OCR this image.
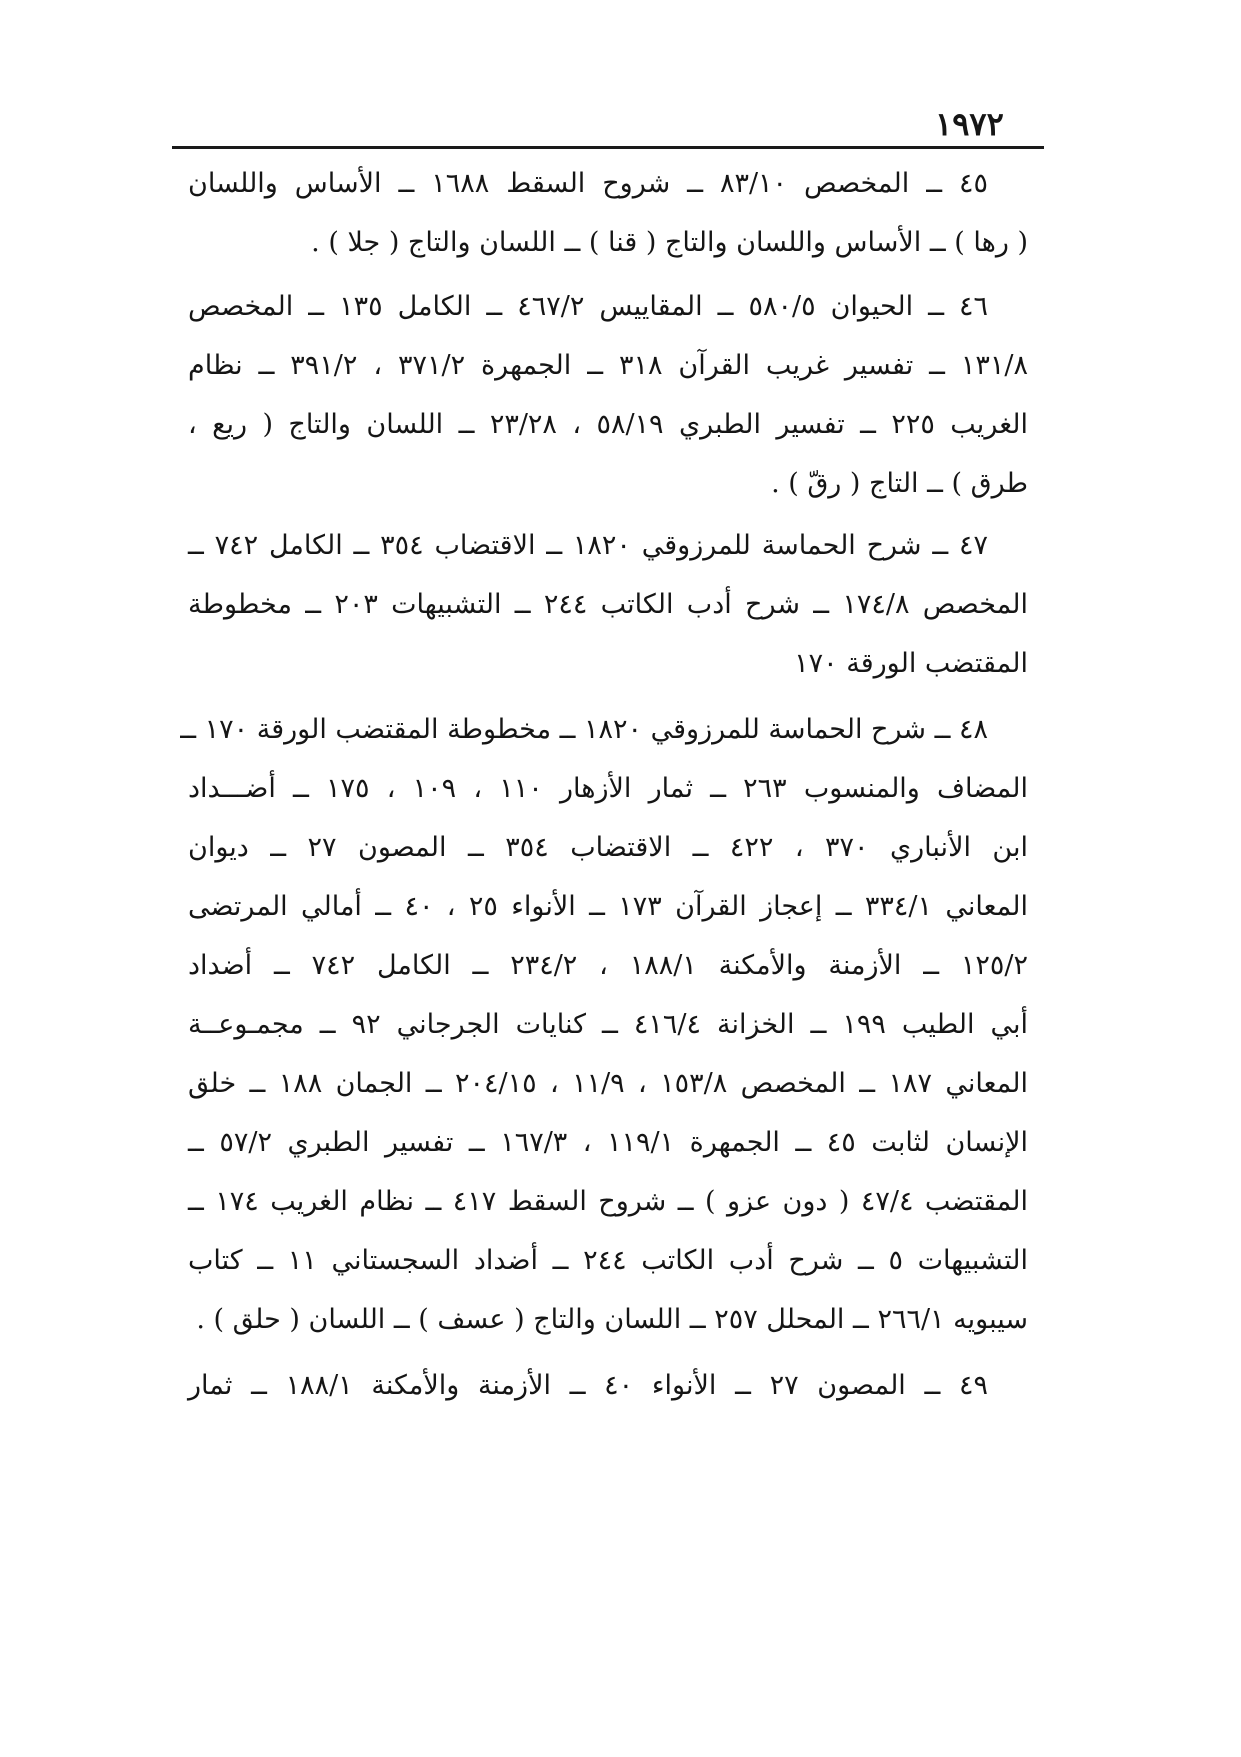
١٩٧٢
٤٥ ــ المخصص ٨٣/١٠ ــ شروح السقط ١٦٨٨ ــ الأساس واللسان
( رها ) ــ الأساس واللسان والتاج ( قنا ) ــ اللسان والتاج ( جلا ) .
٤٦ ــ الحيوان ٥٨٠/٥ ــ المقاييس ٤٦٧/٢ ــ الكامل ١٣٥ ــ المخصص
١٣١/٨ ــ تفسير غريب القرآن ٣١٨ ــ الجمهرة ٣٧١/٢ ، ٣٩١/٢ ــ نظام
الغريب ٢٢٥ ــ تفسير الطبري ٥٨/١٩ ، ٢٣/٢٨ ــ اللسان والتاج ( ريع ،
طرق ) ــ التاج ( رقّ ) .
٤٧ ــ شرح الحماسة للمرزوقي ١٨٢٠ ــ الاقتضاب ٣٥٤ ــ الكامل ٧٤٢ ــ
المخصص ١٧٤/٨ ــ شرح أدب الكاتب ٢٤٤ ــ التشبيهات ٢٠٣ ــ مخطوطة
المقتضب الورقة ١٧٠
٤٨ ــ شرح الحماسة للمرزوقي ١٨٢٠ ــ مخطوطة المقتضب الورقة ١٧٠ ــ
المضاف والمنسوب ٢٦٣ ــ ثمار الأزهار ١١٠ ، ١٠٩ ، ١٧٥ ــ أضـــداد
ابن الأنباري ٣٧٠ ، ٤٢٢ ــ الاقتضاب ٣٥٤ ــ المصون ٢٧ ــ ديوان
المعاني ٣٣٤/١ ــ إعجاز القرآن ١٧٣ ــ الأنواء ٢٥ ، ٤٠ ــ أمالي المرتضى
١٢٥/٢ ــ الأزمنة والأمكنة ١٨٨/١ ، ٢٣٤/٢ ــ الكامل ٧٤٢ ــ أضداد
أبي الطيب ١٩٩ ــ الخزانة ٤١٦/٤ ــ كنايات الجرجاني ٩٢ ــ مجمـوعــة
المعاني ١٨٧ ــ المخصص ١٥٣/٨ ، ١١/٩ ، ٢٠٤/١٥ ــ الجمان ١٨٨ ــ خلق
الإنسان لثابت ٤٥ ــ الجمهرة ١١٩/١ ، ١٦٧/٣ ــ تفسير الطبري ٥٧/٢ ــ
المقتضب ٤٧/٤ ( دون عزو ) ــ شروح السقط ٤١٧ ــ نظام الغريب ١٧٤ ــ
التشبيهات ٥ ــ شرح أدب الكاتب ٢٤٤ ــ أضداد السجستاني ١١ ــ كتاب
سيبويه ٢٦٦/١ ــ المحلل ٢٥٧ ــ اللسان والتاج ( عسف ) ــ اللسان ( حلق ) .
٤٩ ــ المصون ٢٧ ــ الأنواء ٤٠ ــ الأزمنة والأمكنة ١٨٨/١ ــ ثمار
